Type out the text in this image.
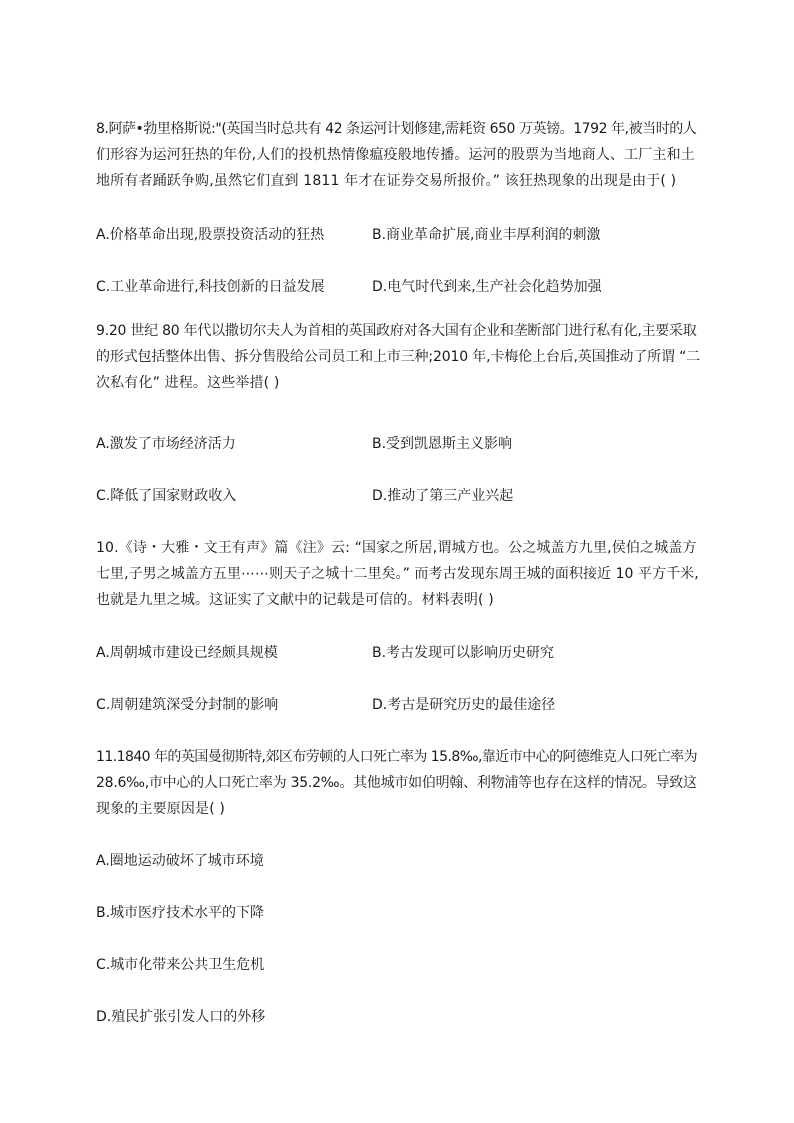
8.阿萨•勃里格斯说:"(英国当时总共有 42 条运河计划修建,需耗资 650 万英镑。1792 年,被当时的人
们形容为运河狂热的年份,人们的投机热情像瘟疫般地传播。运河的股票为当地商人、工厂主和土
地所有者踊跃争购,虽然它们直到 1811 年才在证券交易所报价。” 该狂热现象的出现是由于( )
A.价格革命出现,股票投资活动的狂热	B.商业革命扩展,商业丰厚利润的刺激
C.工业革命进行,科技创新的日益发展	D.电气时代到来,生产社会化趋势加强
9.20 世纪 80 年代以撒切尔夫人为首相的英国政府对各大国有企业和垄断部门进行私有化,主要采取
的形式包括整体出售、拆分售股给公司员工和上市三种;2010 年,卡梅伦上台后,英国推动了所谓 “二
次私有化” 进程。这些举措( )
A.激发了市场经济活力	B.受到凯恩斯主义影响
C.降低了国家财政收入	D.推动了第三产业兴起
10.《诗・大雅・文王有声》篇《注》云: “国家之所居,谓城方也。公之城盖方九里,侯伯之城盖方
七里,子男之城盖方五里⋯⋯则天子之城十二里矣。” 而考古发现东周王城的面积接近 10 平方千米,
也就是九里之城。这证实了文献中的记载是可信的。材料表明( )
A.周朝城市建设已经颇具规模	B.考古发现可以影响历史研究
C.周朝建筑深受分封制的影响	D.考古是研究历史的最佳途径
11.1840 年的英国曼彻斯特,郊区布劳顿的人口死亡率为 15.8‰,靠近市中心的阿德维克人口死亡率为
28.6‰,市中心的人口死亡率为 35.2‰。其他城市如伯明翰、利物浦等也存在这样的情况。导致这
现象的主要原因是( )
A.圈地运动破坏了城市环境
B.城市医疗技术水平的下降
C.城市化带来公共卫生危机
D.殖民扩张引发人口的外移
